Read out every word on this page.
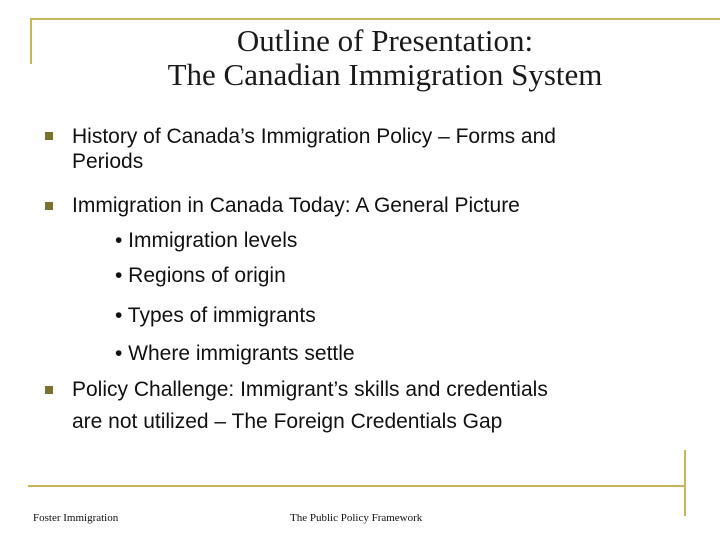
Outline of Presentation:
The Canadian Immigration System
History of Canada’s Immigration Policy – Forms and
Periods
Immigration in Canada Today: A General Picture
• Immigration levels
• Regions of origin
• Types of immigrants
• Where immigrants settle
Policy Challenge: Immigrant’s skills and credentials
are not utilized – The Foreign Credentials Gap
Foster Immigration	The Public Policy Framework
